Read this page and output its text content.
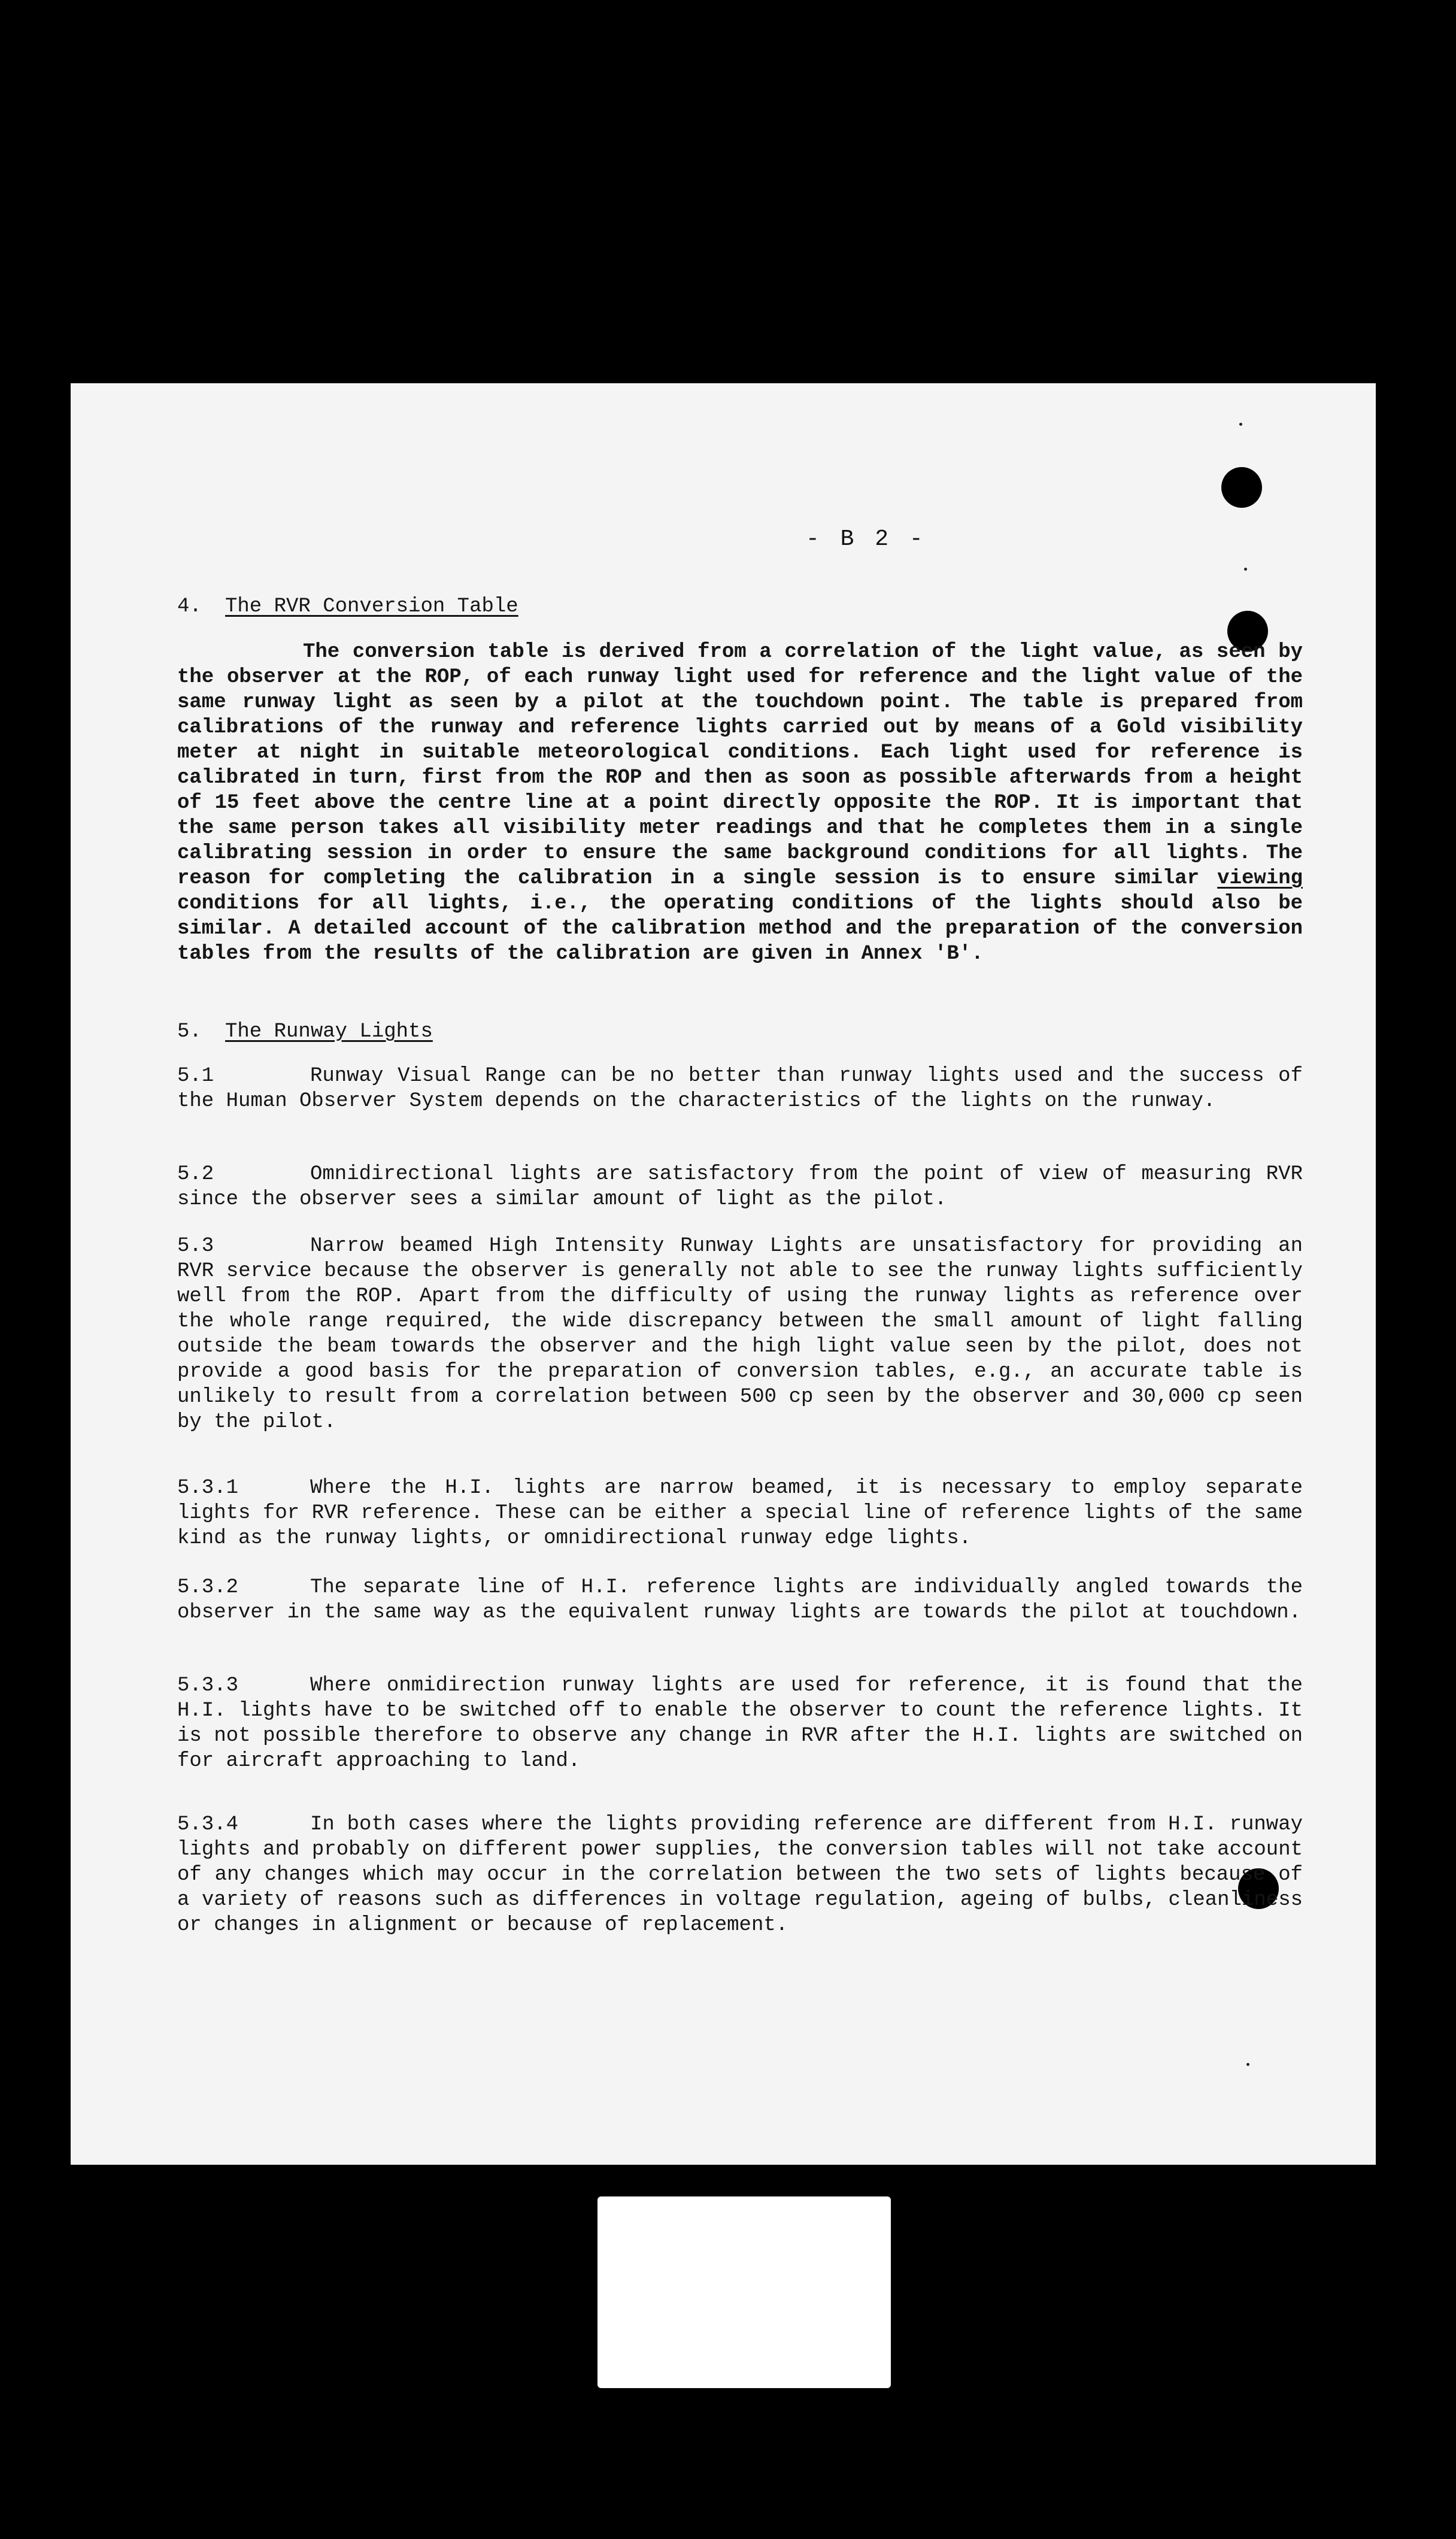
- B 2 -
4. The RVR Conversion Table

The conversion table is derived from a correlation of the light value, as seen by the observer at the ROP, of each runway light used for reference and the light value of the same runway light as seen by a pilot at the touchdown point. The table is prepared from calibrations of the runway and reference lights carried out by means of a Gold visibility meter at night in suitable meteorological conditions. Each light used for reference is calibrated in turn, first from the ROP and then as soon as possible afterwards from a height of 15 feet above the centre line at a point directly opposite the ROP. It is important that the same person takes all visibility meter readings and that he completes them in a single calibrating session in order to ensure the same background conditions for all lights. The reason for completing the calibration in a single session is to ensure similar viewing conditions for all lights, i.e., the operating conditions of the lights should also be similar. A detailed account of the calibration method and the preparation of the conversion tables from the results of the calibration are given in Annex 'B'.

5. The Runway Lights

5.1	Runway Visual Range can be no better than runway lights used and the success of the Human Observer System depends on the characteristics of the lights on the runway.

5.2	Omnidirectional lights are satisfactory from the point of view of measuring RVR since the observer sees a similar amount of light as the pilot.

5.3	Narrow beamed High Intensity Runway Lights are unsatisfactory for providing an RVR service because the observer is generally not able to see the runway lights sufficiently well from the ROP. Apart from the difficulty of using the runway lights as reference over the whole range required, the wide discrepancy between the small amount of light falling outside the beam towards the observer and the high light value seen by the pilot, does not provide a good basis for the preparation of conversion tables, e.g., an accurate table is unlikely to result from a correlation between 500 cp seen by the observer and 30,000 cp seen by the pilot.

5.3.1	Where the H.I. lights are narrow beamed, it is necessary to employ separate lights for RVR reference. These can be either a special line of reference lights of the same kind as the runway lights, or omnidirectional runway edge lights.

5.3.2	The separate line of H.I. reference lights are individually angled towards the observer in the same way as the equivalent runway lights are towards the pilot at touchdown.

5.3.3	Where onmidirection runway lights are used for reference, it is found that the H.I. lights have to be switched off to enable the observer to count the reference lights. It is not possible therefore to observe any change in RVR after the H.I. lights are switched on for aircraft approaching to land.

5.3.4	In both cases where the lights providing reference are different from H.I. runway lights and probably on different power supplies, the conversion tables will not take account of any changes which may occur in the correlation between the two sets of lights because of a variety of reasons such as differences in voltage regulation, ageing of bulbs, cleanliness or changes in alignment or because of replacement.
